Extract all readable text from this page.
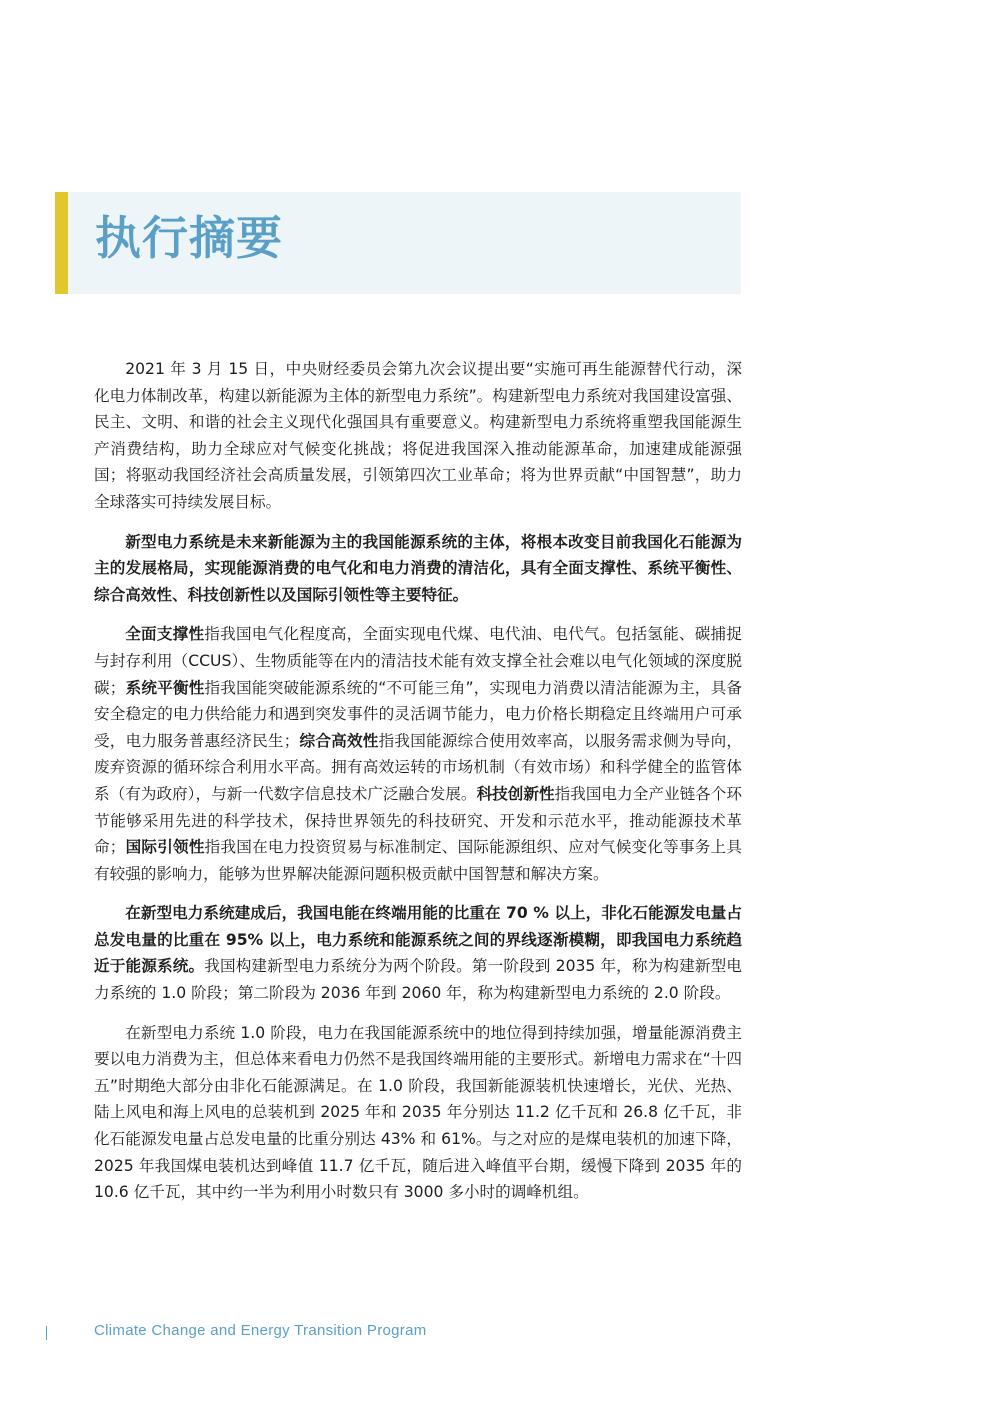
执行摘要

2021 年 3 月 15 日，中央财经委员会第九次会议提出要“实施可再生能源替代行动，深化电力体制改革，构建以新能源为主体的新型电力系统”。构建新型电力系统对我国建设富强、民主、文明、和谐的社会主义现代化强国具有重要意义。构建新型电力系统将重塑我国能源生产消费结构，助力全球应对气候变化挑战；将促进我国深入推动能源革命，加速建成能源强国；将驱动我国经济社会高质量发展，引领第四次工业革命；将为世界贡献“中国智慧”，助力全球落实可持续发展目标。

新型电力系统是未来新能源为主的我国能源系统的主体，将根本改变目前我国化石能源为主的发展格局，实现能源消费的电气化和电力消费的清洁化，具有全面支撑性、系统平衡性、综合高效性、科技创新性以及国际引领性等主要特征。

全面支撑性指我国电气化程度高，全面实现电代煤、电代油、电代气。包括氢能、碳捕捉与封存利用（CCUS）、生物质能等在内的清洁技术能有效支撑全社会难以电气化领域的深度脱碳；系统平衡性指我国能突破能源系统的“不可能三角”，实现电力消费以清洁能源为主，具备安全稳定的电力供给能力和遇到突发事件的灵活调节能力，电力价格长期稳定且终端用户可承受，电力服务普惠经济民生；综合高效性指我国能源综合使用效率高，以服务需求侧为导向，废弃资源的循环综合利用水平高。拥有高效运转的市场机制（有效市场）和科学健全的监管体系（有为政府），与新一代数字信息技术广泛融合发展。科技创新性指我国电力全产业链各个环节能够采用先进的科学技术，保持世界领先的科技研究、开发和示范水平，推动能源技术革命；国际引领性指我国在电力投资贸易与标准制定、国际能源组织、应对气候变化等事务上具有较强的影响力，能够为世界解决能源问题积极贡献中国智慧和解决方案。

在新型电力系统建成后，我国电能在终端用能的比重在 70 % 以上，非化石能源发电量占总发电量的比重在 95% 以上，电力系统和能源系统之间的界线逐渐模糊，即我国电力系统趋近于能源系统。我国构建新型电力系统分为两个阶段。第一阶段到 2035 年，称为构建新型电力系统的 1.0 阶段；第二阶段为 2036 年到 2060 年，称为构建新型电力系统的 2.0 阶段。

在新型电力系统 1.0 阶段，电力在我国能源系统中的地位得到持续加强，增量能源消费主要以电力消费为主，但总体来看电力仍然不是我国终端用能的主要形式。新增电力需求在“十四五”时期绝大部分由非化石能源满足。在 1.0 阶段，我国新能源装机快速增长，光伏、光热、陆上风电和海上风电的总装机到 2025 年和 2035 年分别达 11.2 亿千瓦和 26.8 亿千瓦，非化石能源发电量占总发电量的比重分别达 43% 和 61%。与之对应的是煤电装机的加速下降，2025 年我国煤电装机达到峰值 11.7 亿千瓦，随后进入峰值平台期，缓慢下降到 2035 年的 10.6 亿千瓦，其中约一半为利用小时数只有 3000 多小时的调峰机组。

Climate Change and Energy Transition Program
